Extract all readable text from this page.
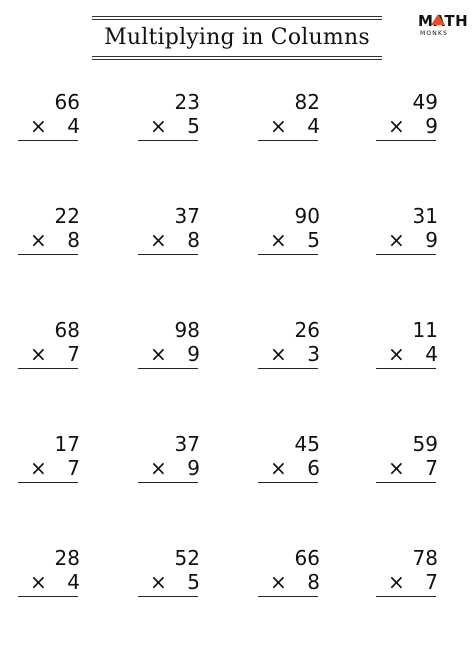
Multiplying in Columns
MATH
MONKS
66
×	4
23
×	5
82
×	4
49
×	9
22
×	8
37
×	8
90
×	5
31
×	9
68
×	7
98
×	9
26
×	3
11
×	4
17
×	7
37
×	9
45
×	6
59
×	7
28
×	4
52
×	5
66
×	8
78
×	7
